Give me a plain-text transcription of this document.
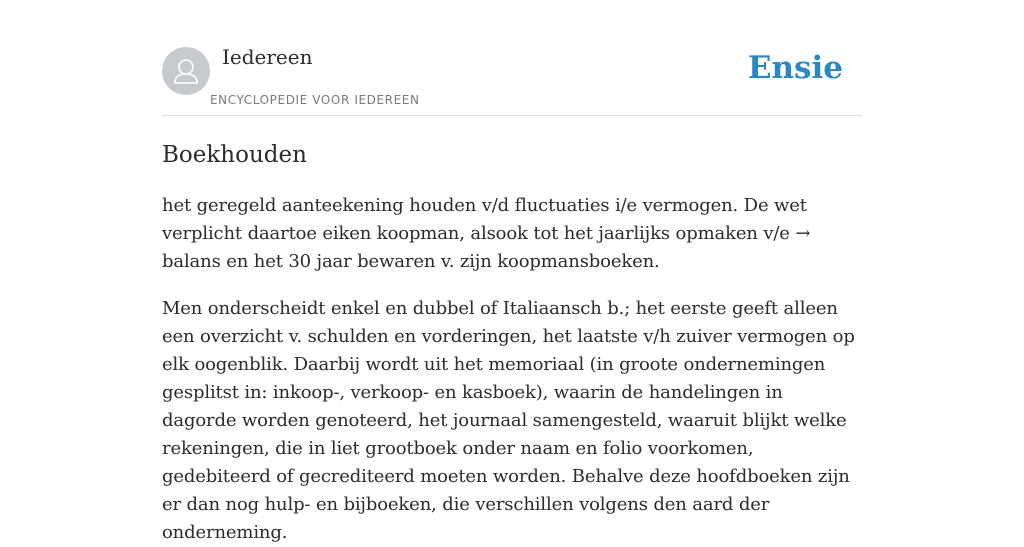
Iedereen
ENCYCLOPEDIE VOOR IEDEREEN
Ensie
Boekhouden

het geregeld aanteekening houden v/d fluctuaties i/e vermogen. De wet verplicht daartoe eiken koopman, alsook tot het jaarlijks opmaken v/e → balans en het 30 jaar bewaren v. zijn koopmansboeken.

Men onderscheidt enkel en dubbel of Italiaansch b.; het eerste geeft alleen een overzicht v. schulden en vorderingen, het laatste v/h zuiver vermogen op elk oogenblik. Daarbij wordt uit het memoriaal (in groote ondernemingen gesplitst in: inkoop-, verkoop- en kasboek), waarin de handelingen in dagorde worden genoteerd, het journaal samengesteld, waaruit blijkt welke rekeningen, die in liet grootboek onder naam en folio voorkomen, gedebiteerd of gecrediteerd moeten worden. Behalve deze hoofdboeken zijn er dan nog hulp- en bijboeken, die verschillen volgens den aard der onderneming.
